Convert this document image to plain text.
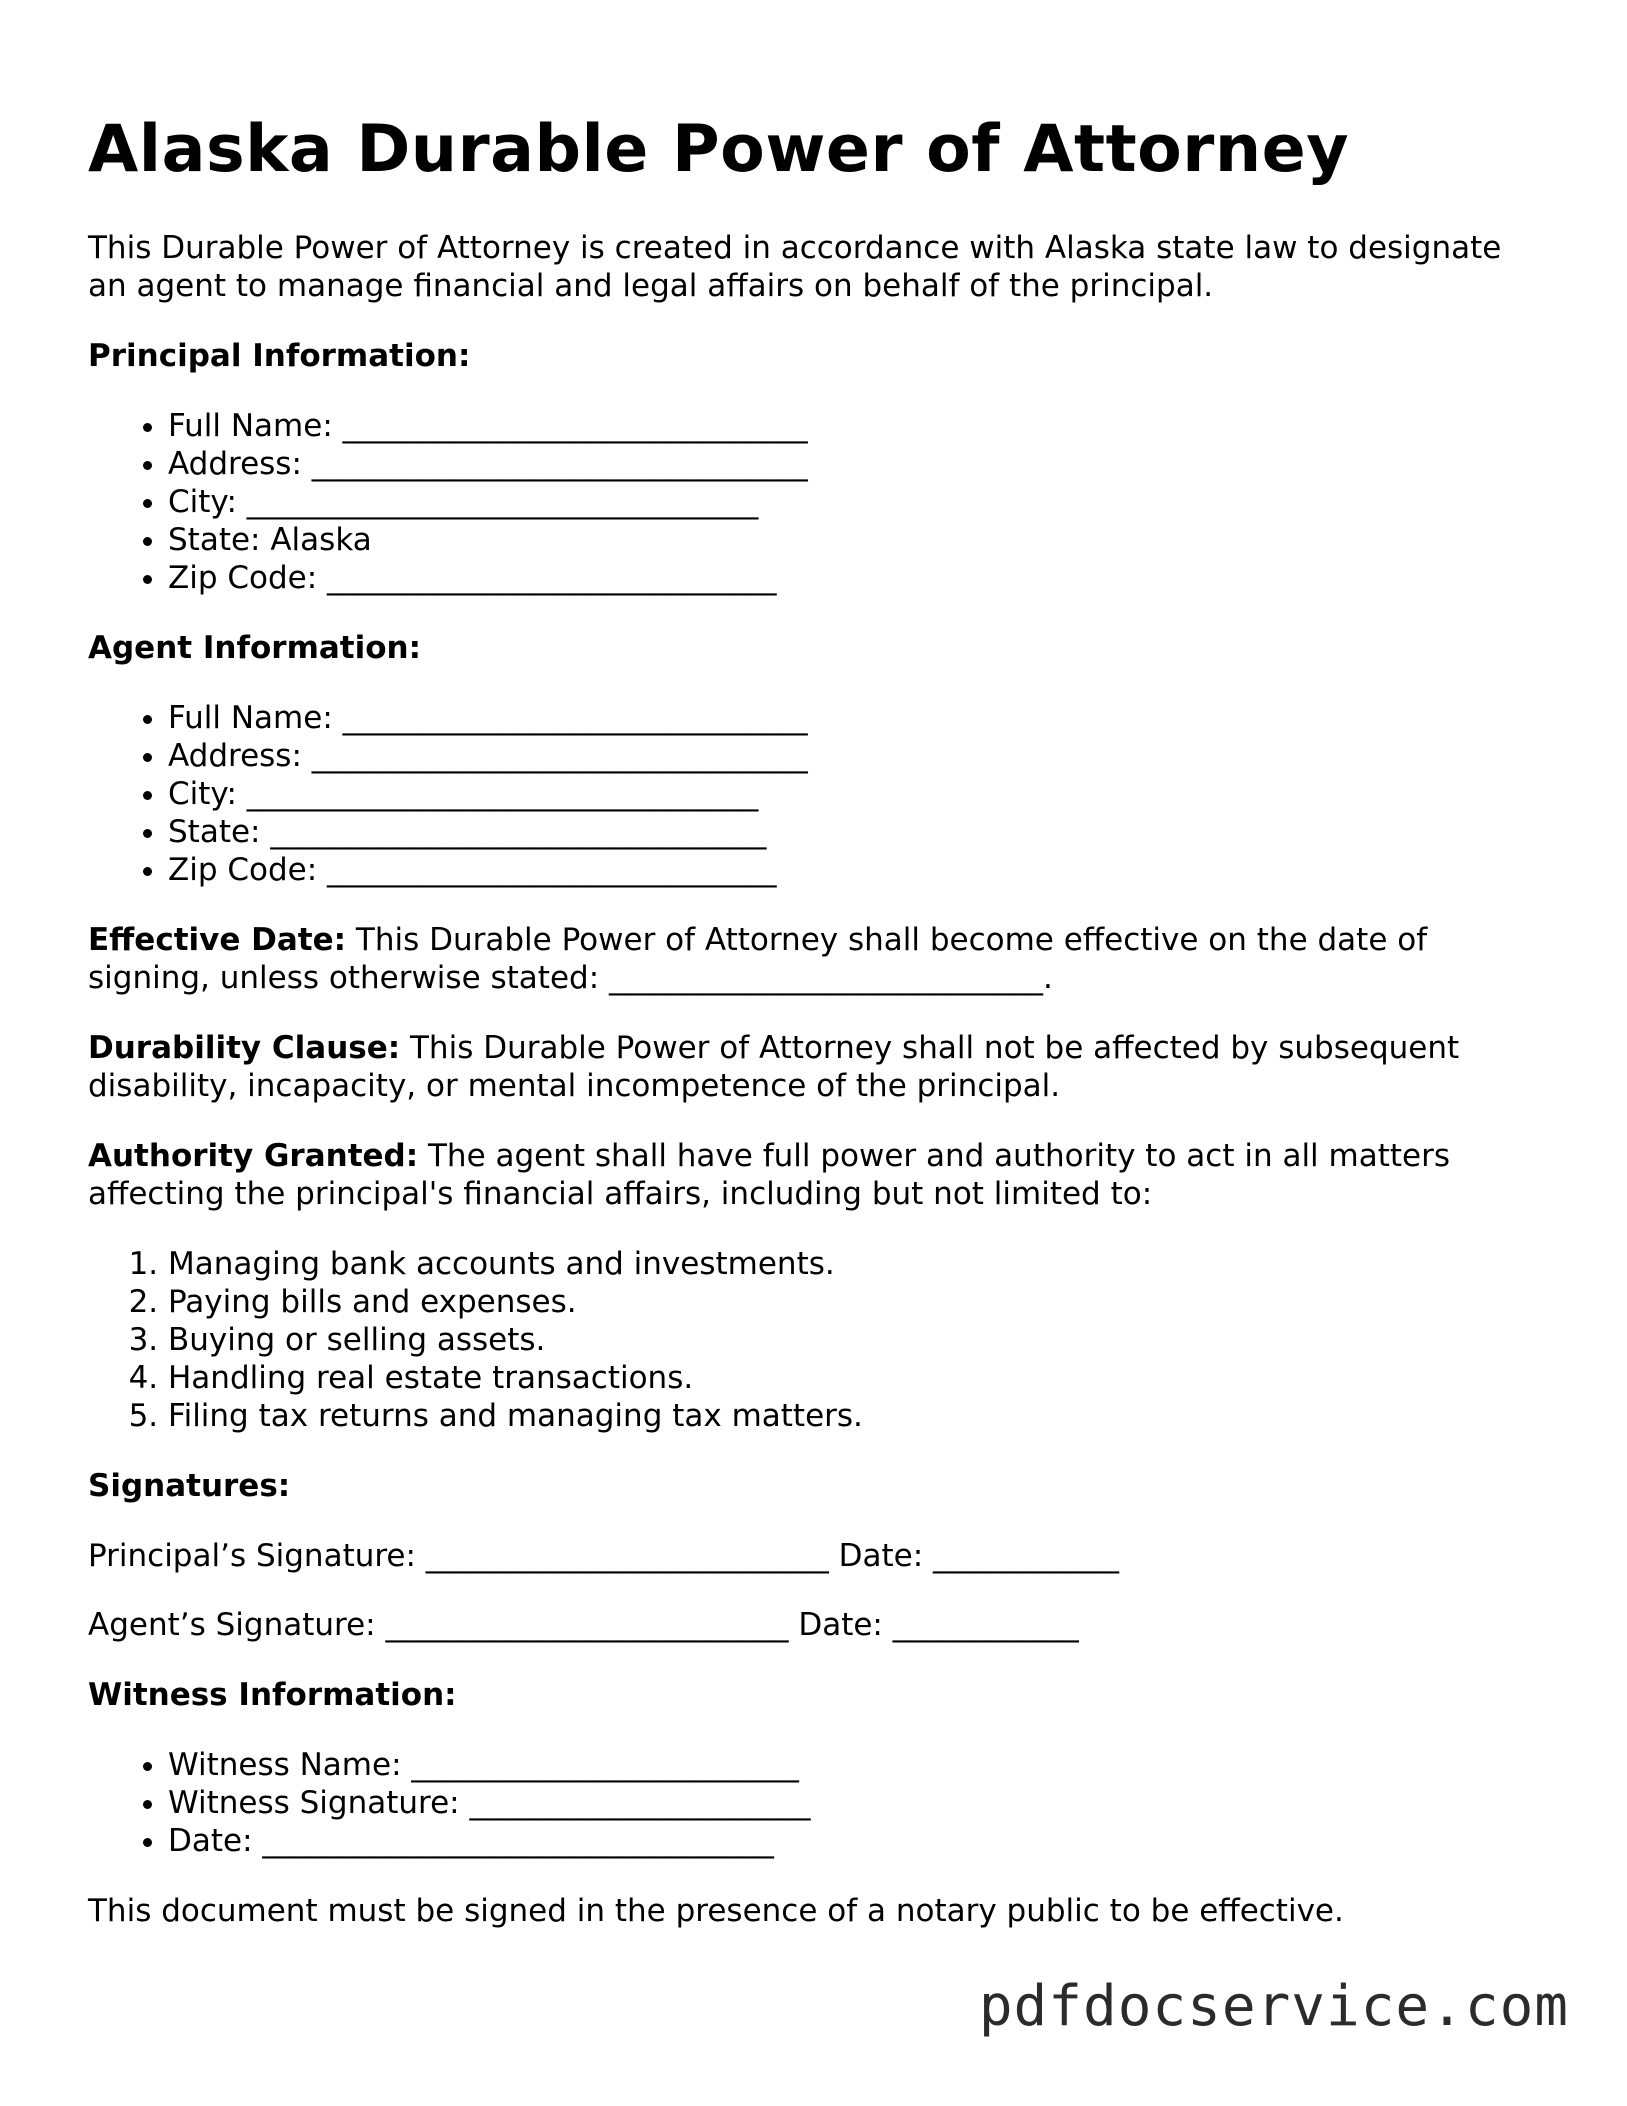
Alaska Durable Power of Attorney
This Durable Power of Attorney is created in accordance with Alaska state law to designate an agent to manage financial and legal affairs on behalf of the principal.
Principal Information:
• Full Name: ______________________________
• Address: ________________________________
• City: _________________________________
• State: Alaska
• Zip Code: _____________________________
Agent Information:
• Full Name: ______________________________
• Address: ________________________________
• City: _________________________________
• State: ________________________________
• Zip Code: _____________________________

Effective Date: This Durable Power of Attorney shall become effective on the date of signing, unless otherwise stated: ____________________________.

Durability Clause: This Durable Power of Attorney shall not be affected by subsequent disability, incapacity, or mental incompetence of the principal.

Authority Granted: The agent shall have full power and authority to act in all matters affecting the principal's financial affairs, including but not limited to:

1. Managing bank accounts and investments.
2. Paying bills and expenses.
3. Buying or selling assets.
4. Handling real estate transactions.
5. Filing tax returns and managing tax matters.
Signatures:
Principal’s Signature: __________________________ Date: ____________
Agent’s Signature: __________________________ Date: ____________
Witness Information:
• Witness Name: _________________________
• Witness Signature: ______________________
• Date: _________________________________

This document must be signed in the presence of a notary public to be effective.

pdfdocservice.com
